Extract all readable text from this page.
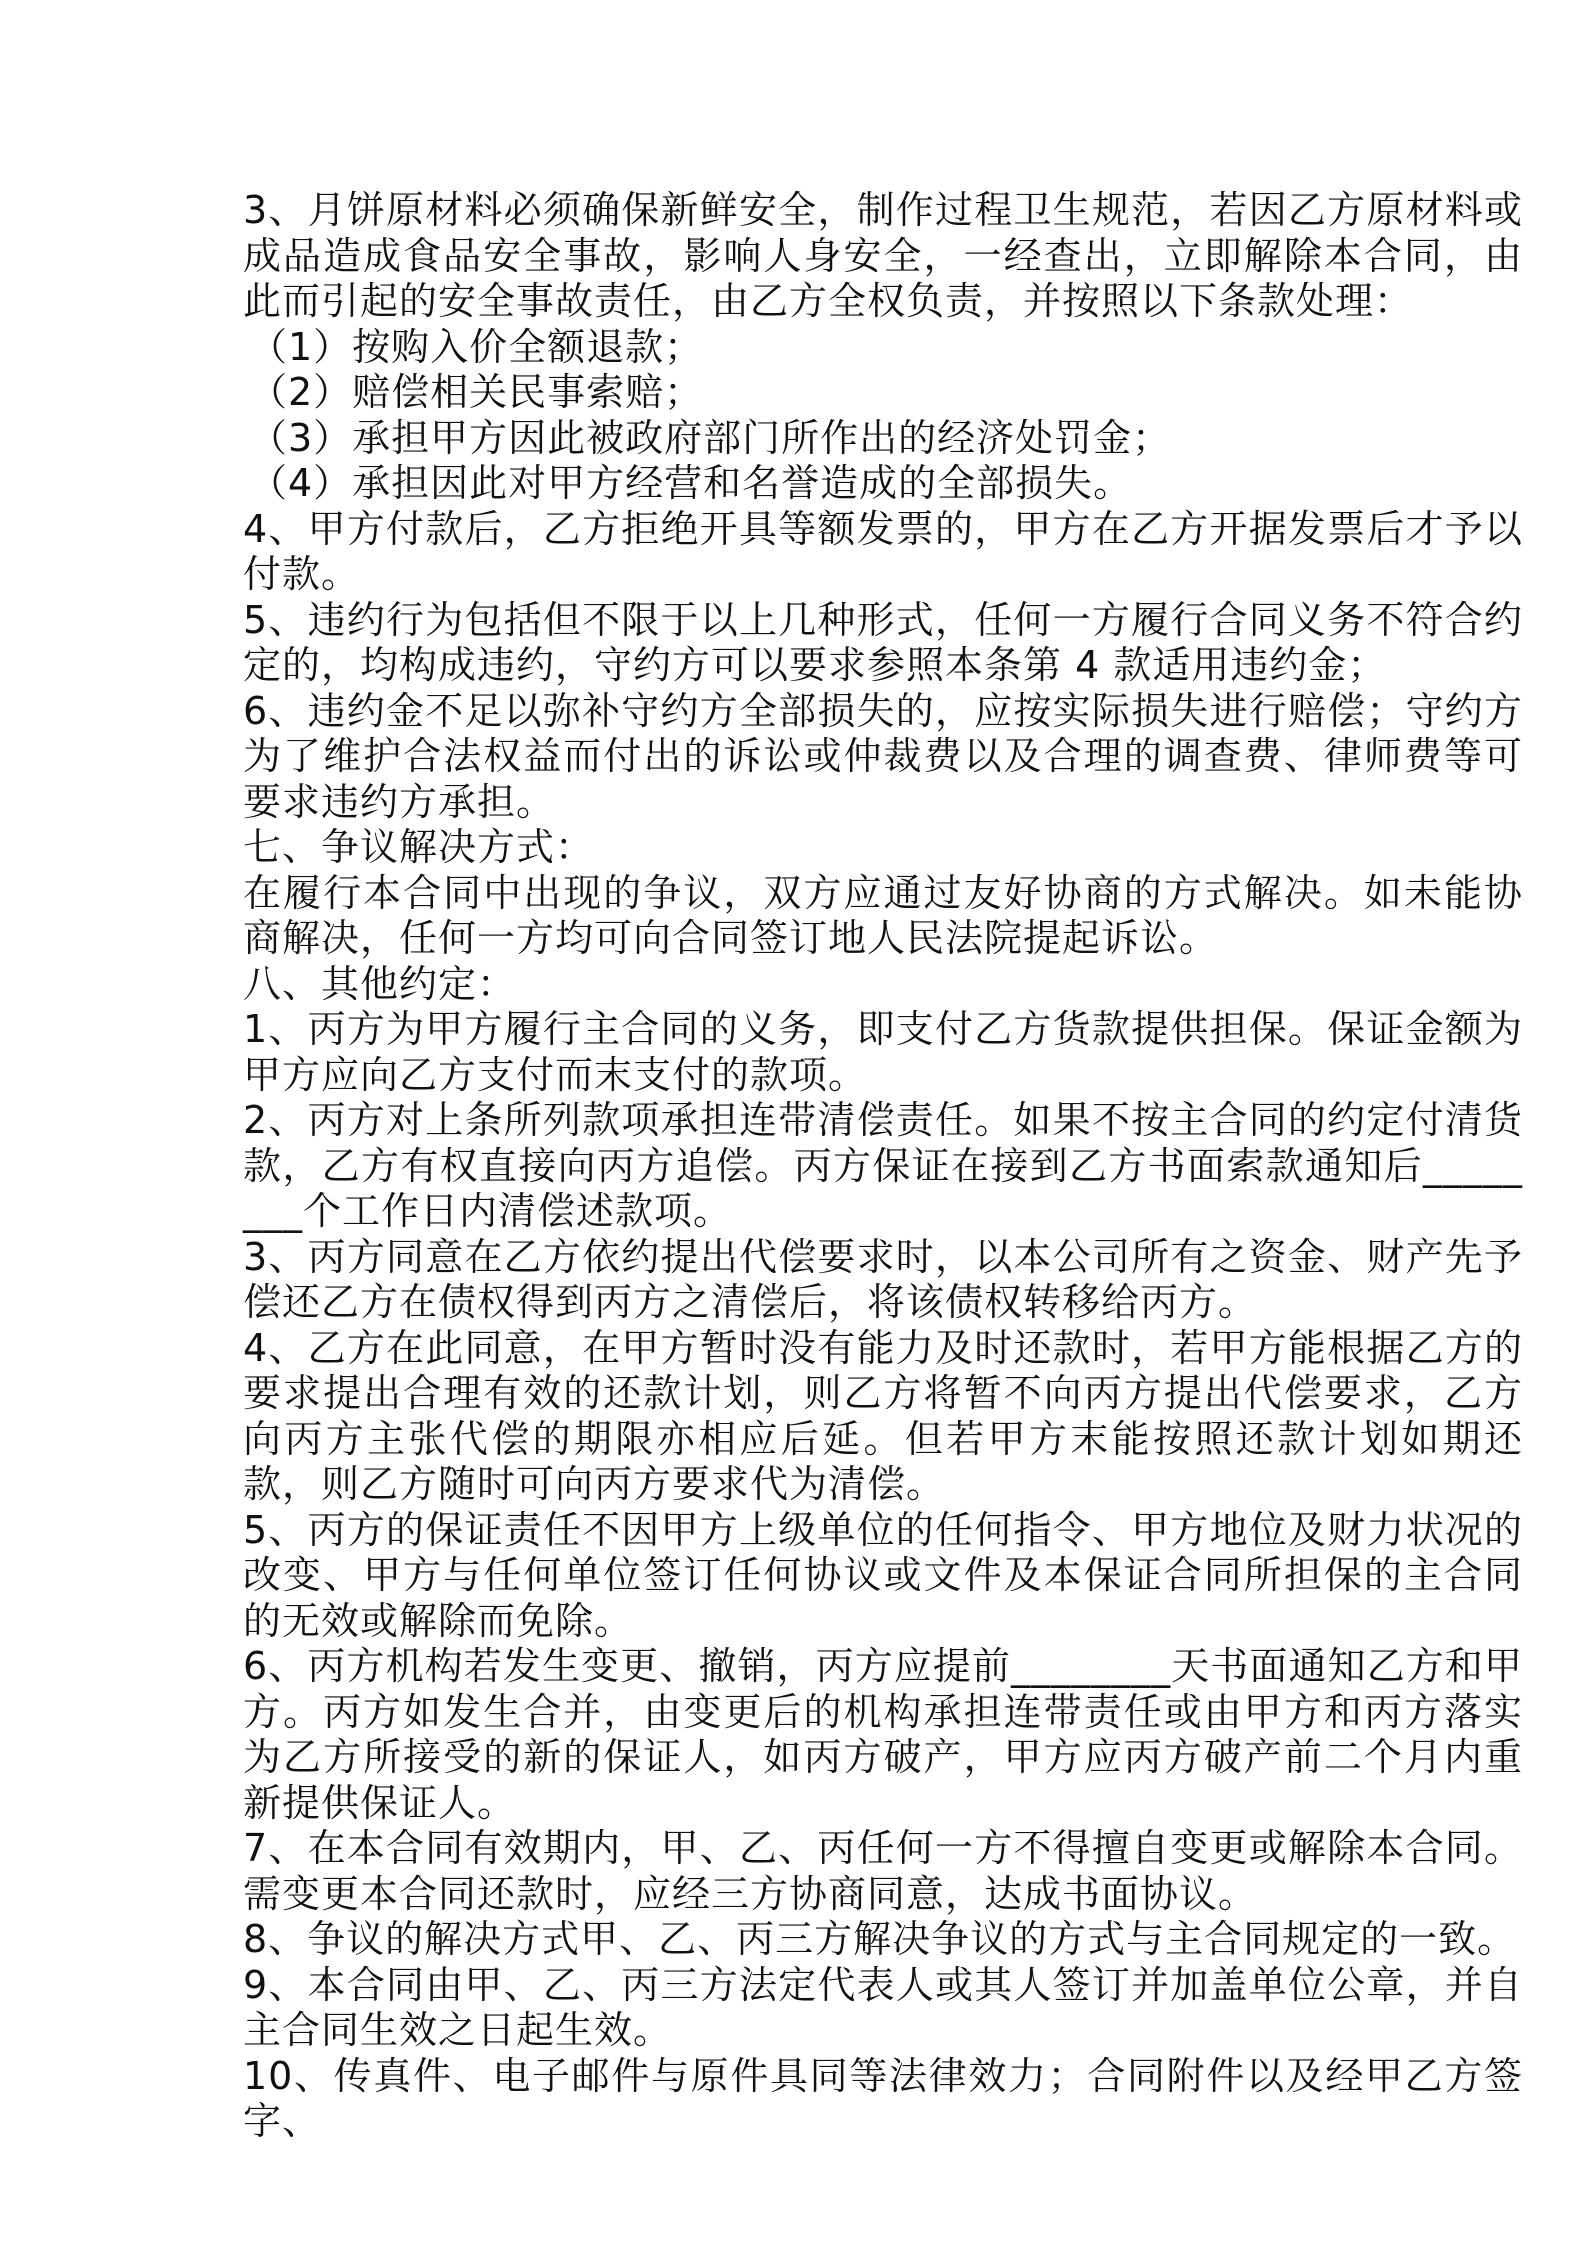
3、月饼原材料必须确保新鲜安全，制作过程卫生规范，若因乙方原材料或成品造成食品安全事故，影响人身安全，一经查出，立即解除本合同，由此而引起的安全事故责任，由乙方全权负责，并按照以下条款处理：

（1）按购入价全额退款；

（2）赔偿相关民事索赔；

（3）承担甲方因此被政府部门所作出的经济处罚金；

（4）承担因此对甲方经营和名誉造成的全部损失。

4、甲方付款后，乙方拒绝开具等额发票的，甲方在乙方开据发票后才予以付款。

5、违约行为包括但不限于以上几种形式，任何一方履行合同义务不符合约定的，均构成违约，守约方可以要求参照本条第 4 款适用违约金；

6、违约金不足以弥补守约方全部损失的，应按实际损失进行赔偿；守约方为了维护合法权益而付出的诉讼或仲裁费以及合理的调查费、律师费等可要求违约方承担。

七、争议解决方式：

在履行本合同中出现的争议，双方应通过友好协商的方式解决。如未能协商解决，任何一方均可向合同签订地人民法院提起诉讼。

八、其他约定：

1、丙方为甲方履行主合同的义务，即支付乙方货款提供担保。保证金额为甲方应向乙方支付而末支付的款项。

2、丙方对上条所列款项承担连带清偿责任。如果不按主合同的约定付清货款，乙方有权直接向丙方追偿。丙方保证在接到乙方书面索款通知后________个工作日内清偿述款项。

3、丙方同意在乙方依约提出代偿要求时，以本公司所有之资金、财产先予偿还乙方在债权得到丙方之清偿后，将该债权转移给丙方。

4、乙方在此同意，在甲方暂时没有能力及时还款时，若甲方能根据乙方的要求提出合理有效的还款计划，则乙方将暂不向丙方提出代偿要求，乙方向丙方主张代偿的期限亦相应后延。但若甲方末能按照还款计划如期还款，则乙方随时可向丙方要求代为清偿。

5、丙方的保证责任不因甲方上级单位的任何指令、甲方地位及财力状况的改变、甲方与任何单位签订任何协议或文件及本保证合同所担保的主合同的无效或解除而免除。

6、丙方机构若发生变更、撤销，丙方应提前________天书面通知乙方和甲方。丙方如发生合并，由变更后的机构承担连带责任或由甲方和丙方落实为乙方所接受的新的保证人，如丙方破产，甲方应丙方破产前二个月内重新提供保证人。

7、在本合同有效期内，甲、乙、丙任何一方不得擅自变更或解除本合同。需变更本合同还款时，应经三方协商同意，达成书面协议。

8、争议的解决方式甲、乙、丙三方解决争议的方式与主合同规定的一致。

9、本合同由甲、乙、丙三方法定代表人或其人签订并加盖单位公章，并自主合同生效之日起生效。

10、传真件、电子邮件与原件具同等法律效力；合同附件以及经甲乙方签字、
